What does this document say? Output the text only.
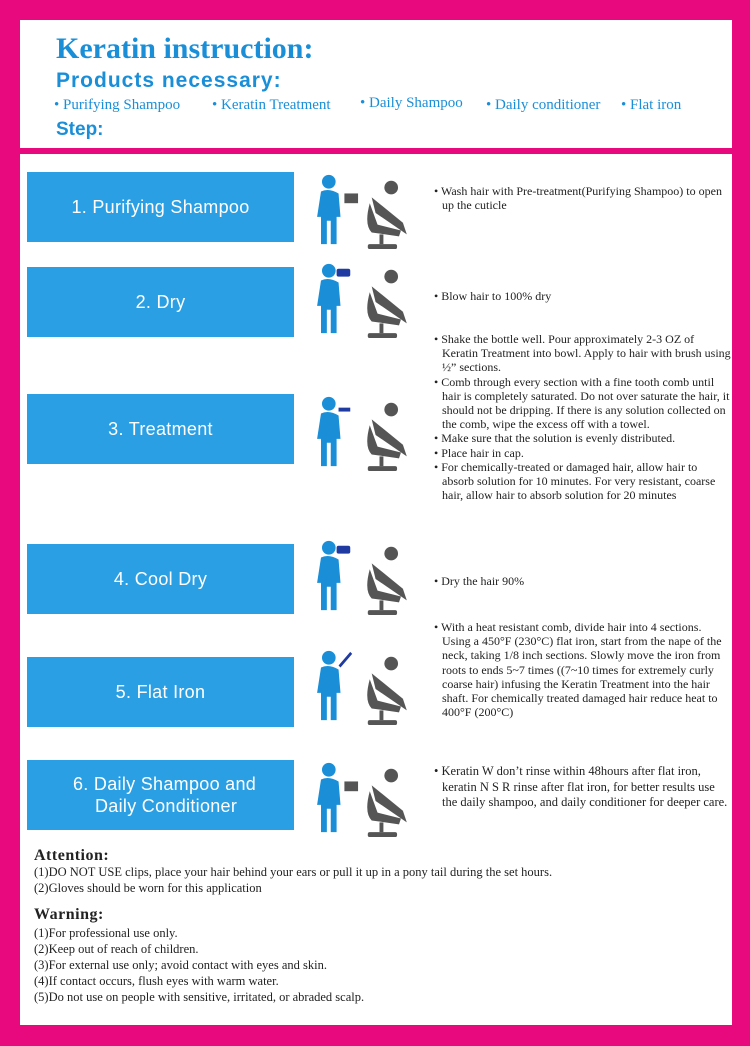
Keratin instruction:
Products necessary:
• Purifying Shampoo • Keratin Treatment • Daily Shampoo • Daily conditioner • Flat iron
Step:
1. Purifying Shampoo
• Wash hair with Pre-treatment(Purifying Shampoo) to open up the cuticle
2. Dry	• Blow hair to 100% dry
3. Treatment
• Shake the bottle well. Pour approximately 2-3 OZ of Keratin Treatment into bowl. Apply to hair with brush using ½” sections.
• Comb through every section with a fine tooth comb until hair is completely saturated. Do not over saturate the hair, it should not be dripping. If there is any solution collected on the comb, wipe the excess off with a towel.
• Make sure that the solution is evenly distributed.
• Place hair in cap.
• For chemically-treated or damaged hair, allow hair to absorb solution for 10 minutes. For very resistant, coarse hair, allow hair to absorb solution for 20 minutes
4. Cool Dry	• Dry the hair 90%
5. Flat Iron
• With a heat resistant comb, divide hair into 4 sections. Using a 450°F (230°C) flat iron, start from the nape of the neck, taking 1/8 inch sections. Slowly move the iron from roots to ends 5~7 times ((7~10 times for extremely curly coarse hair) infusing the Keratin Treatment into the hair shaft. For chemically treated damaged hair reduce heat to 400°F (200°C)
6. Daily Shampoo and
Daily Conditioner
• Keratin W don’t rinse within 48hours after flat iron, keratin N S R rinse after flat iron, for better results use the daily shampoo, and daily conditioner for deeper care.
Attention:
(1)DO NOT USE clips, place your hair behind your ears or pull it up in a pony tail during the set hours.
(2)Gloves should be worn for this application
Warning:
(1)For professional use only.
(2)Keep out of reach of children.
(3)For external use only; avoid contact with eyes and skin.
(4)If contact occurs, flush eyes with warm water.
(5)Do not use on people with sensitive, irritated, or abraded scalp.
